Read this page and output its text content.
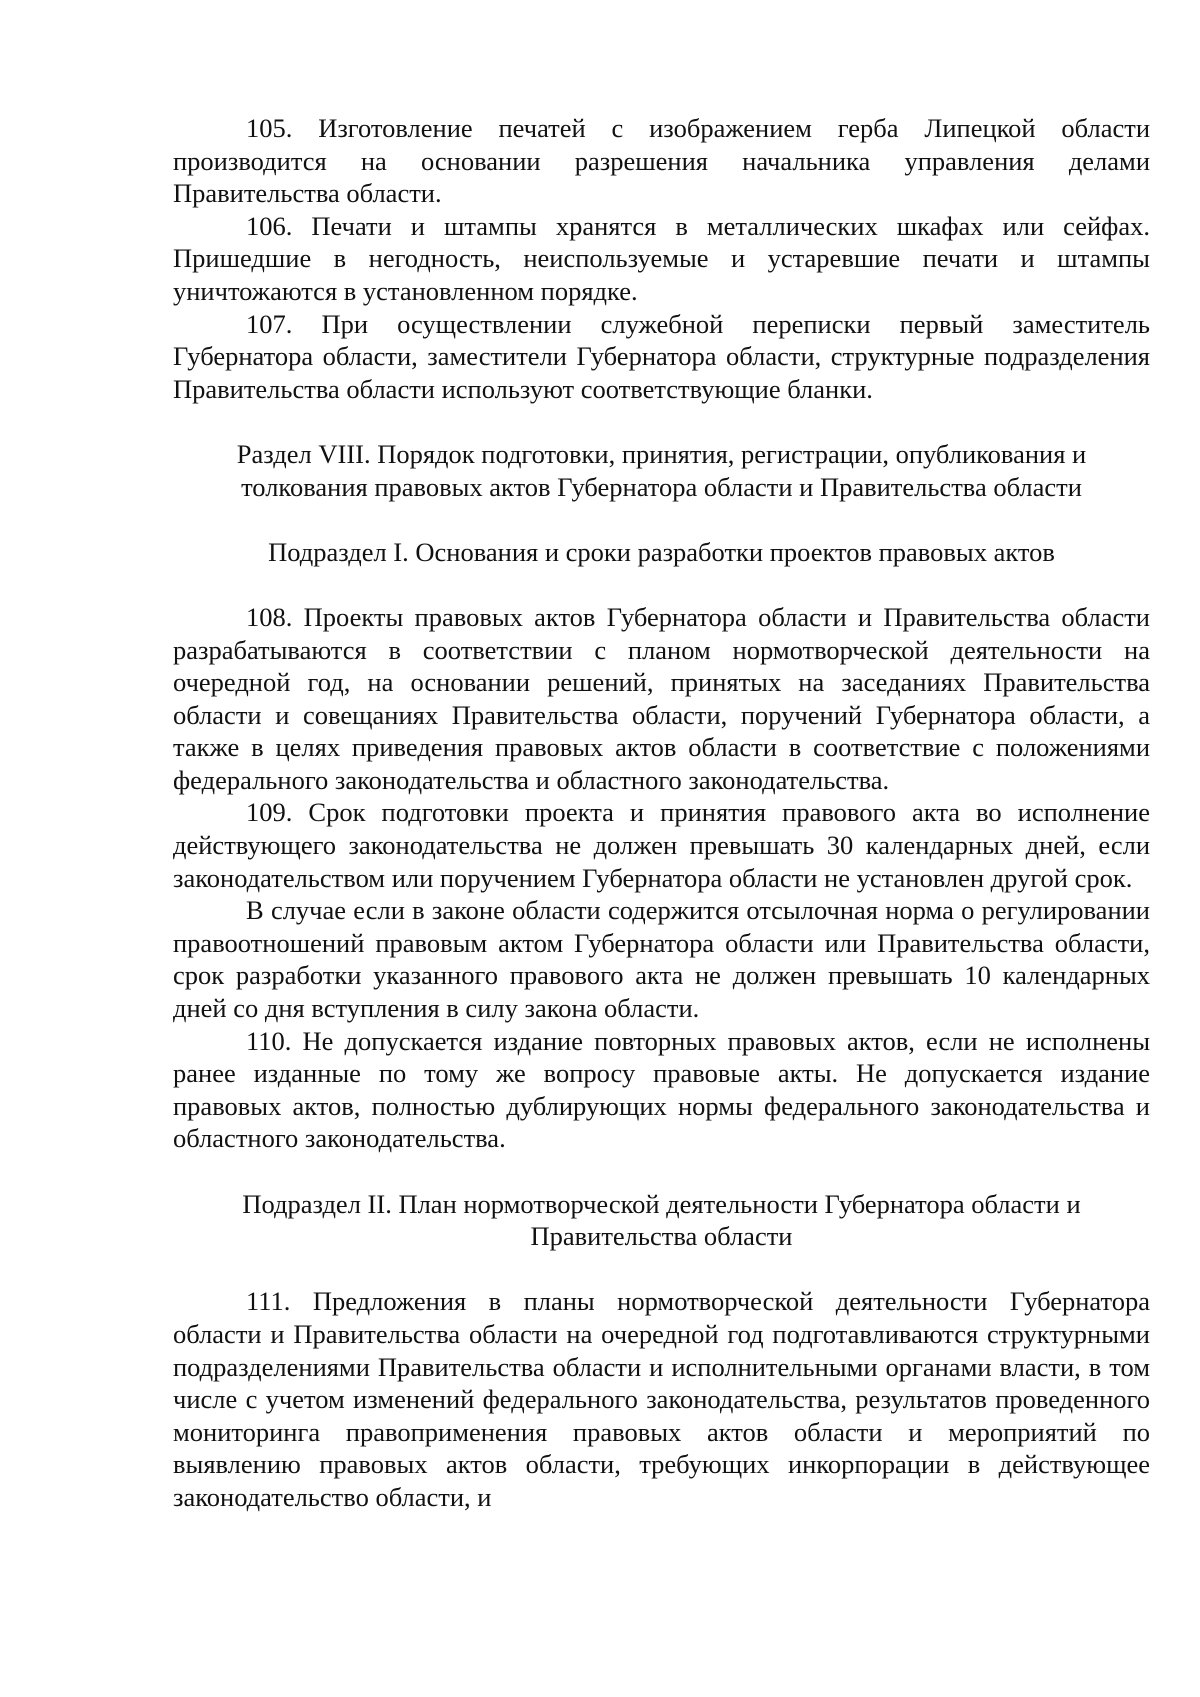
105. Изготовление печатей с изображением герба Липецкой области производится на основании разрешения начальника управления делами Правительства области.

106. Печати и штампы хранятся в металлических шкафах или сейфах. Пришедшие в негодность, неиспользуемые и устаревшие печати и штампы уничтожаются в установленном порядке.

107. При осуществлении служебной переписки первый заместитель Губернатора области, заместители Губернатора области, структурные подразделения Правительства области используют соответствующие бланки.

Раздел VIII. Порядок подготовки, принятия, регистрации, опубликования и толкования правовых актов Губернатора области и Правительства области

Подраздел I. Основания и сроки разработки проектов правовых актов

108. Проекты правовых актов Губернатора области и Правительства области разрабатываются в соответствии с планом нормотворческой деятельности на очередной год, на основании решений, принятых на заседаниях Правительства области и совещаниях Правительства области, поручений Губернатора области, а также в целях приведения правовых актов области в соответствие с положениями федерального законодательства и областного законодательства.

109. Срок подготовки проекта и принятия правового акта во исполнение действующего законодательства не должен превышать 30 календарных дней, если законодательством или поручением Губернатора области не установлен другой срок.

В случае если в законе области содержится отсылочная норма о регулировании правоотношений правовым актом Губернатора области или Правительства области, срок разработки указанного правового акта не должен превышать 10 календарных дней со дня вступления в силу закона области.

110. Не допускается издание повторных правовых актов, если не исполнены ранее изданные по тому же вопросу правовые акты. Не допускается издание правовых актов, полностью дублирующих нормы федерального законодательства и областного законодательства.

Подраздел II. План нормотворческой деятельности Губернатора области и Правительства области

111. Предложения в планы нормотворческой деятельности Губернатора области и Правительства области на очередной год подготавливаются структурными подразделениями Правительства области и исполнительными органами власти, в том числе с учетом изменений федерального законодательства, результатов проведенного мониторинга правоприменения правовых актов области и мероприятий по выявлению правовых актов области, требующих инкорпорации в действующее законодательство области, и
